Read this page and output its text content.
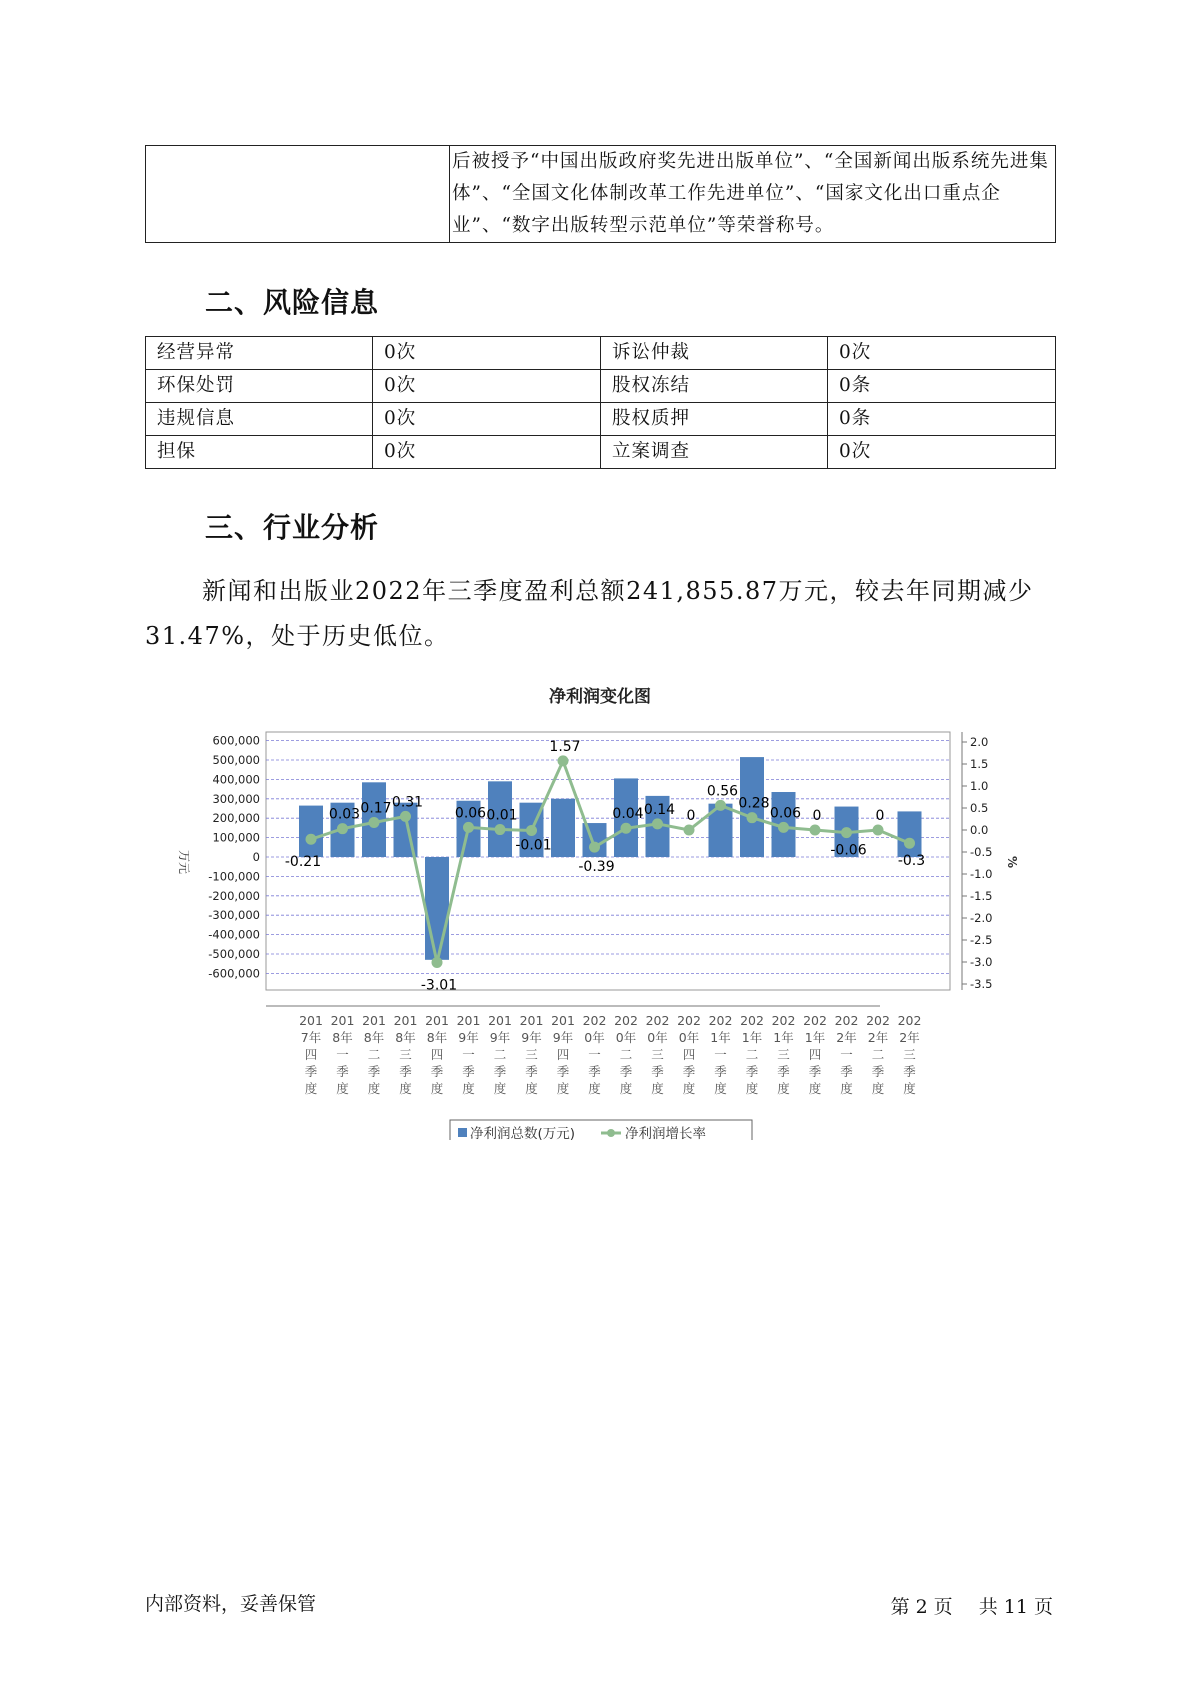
	后被授予“中国出版政府奖先进出版单位”、“全国新闻出版系统先进集体”、“全国文化体制改革工作先进单位”、“国家文化出口重点企业”、“数字出版转型示范单位”等荣誉称号。
二、风险信息
经营异常	0次	诉讼仲裁	0次
环保处罚	0次	股权冻结	0条
违规信息	0次	股权质押	0条
担保	0次	立案调查	0次
三、行业分析
新闻和出版业2022年三季度盈利总额241,855.87万元，较去年同期减少31.47%，处于历史低位。
净利润变化图
600,000
500,000
400,000
300,000
200,000
100,000
0
-100,000
-200,000
-300,000
-400,000
-500,000
-600,000
2.0
1.5
1.0
0.5
0.0
-0.5
-1.0
-1.5
-2.0
-2.5
-3.0
-3.5
万元	%
-0.21
0.03 0.17 0.31
-3.01
0.06 0.01
-0.01
1.57
-0.39
0.04 0.14 0
0.56
0.28
0.06 0
-0.06
0
-0.3
201
7年
四
季
度
201
8年
一
季
度
201
8年
二
季
度
201
8年
三
季
度
201
8年
四
季
度
201
9年
一
季
度
201
9年
二
季
度
201
9年
三
季
度
201
9年
四
季
度
202
0年
一
季
度
202
0年
二
季
度
202
0年
三
季
度
202
0年
四
季
度
202
1年
一
季
度
202
1年
二
季
度
202
1年
三
季
度
202
1年
四
季
度
202
2年
一
季
度
202
2年
二
季
度
202
2年
三
季
度
净利润总数(万元)	净利润增长率
内部资料，妥善保管	第 2 页 共 11 页
